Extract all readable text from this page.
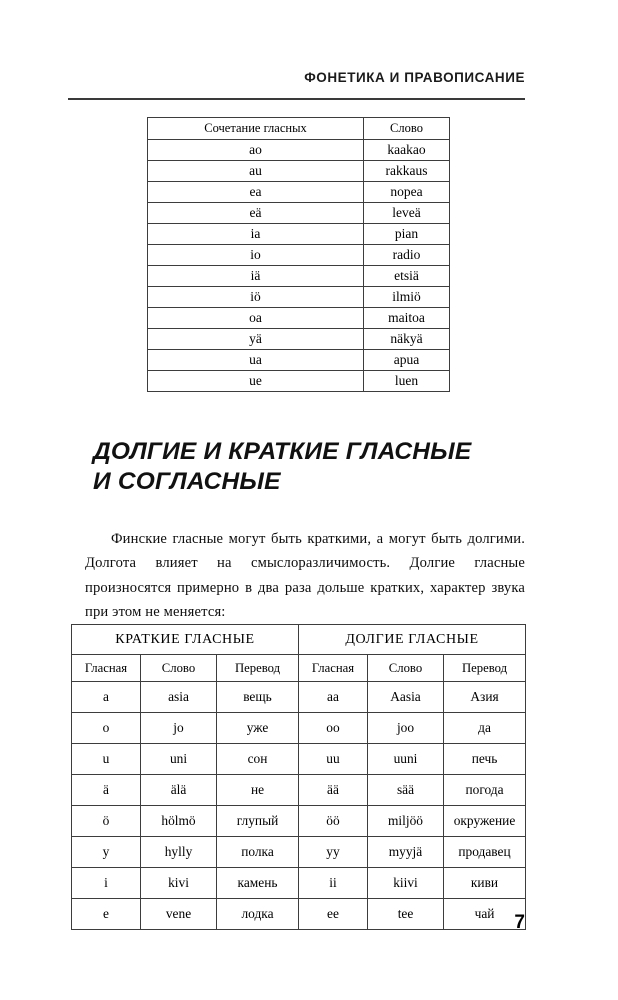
ФОНЕТИКА И ПРАВОПИСАНИЕ
Сочетание гласных	Слово
ao	kaakao
au	rakkaus
ea	nopea
eä	leveä
ia	pian
io	radio
iä	etsiä
iö	ilmiö
oa	maitoa
yä	näkyä
ua	apua
ue	luen
ДОЛГИЕ И КРАТКИЕ ГЛАСНЫЕ
И СОГЛАСНЫЕ

Финские гласные могут быть краткими, а могут быть долгими. Долгота влияет на смыслоразличимость. Долгие гласные произносятся примерно в два раза дольше кратких, характер звука при этом не меняется:

КРАТКИЕ ГЛАСНЫЕ			ДОЛГИЕ ГЛАСНЫЕ		
Гласная	Слово	Перевод	Гласная	Слово	Перевод
a	asia	вещь	aa	Aasia	Азия
o	jo	уже	oo	joo	да
u	uni	сон	uu	uuni	печь
ä	älä	не	ää	sää	погода
ö	hölmö	глупый	öö	miljöö	окружение
y	hylly	полка	yy	myyjä	продавец
i	kivi	камень	ii	kiivi	киви
e	vene	лодка	ee	tee	чай	7
